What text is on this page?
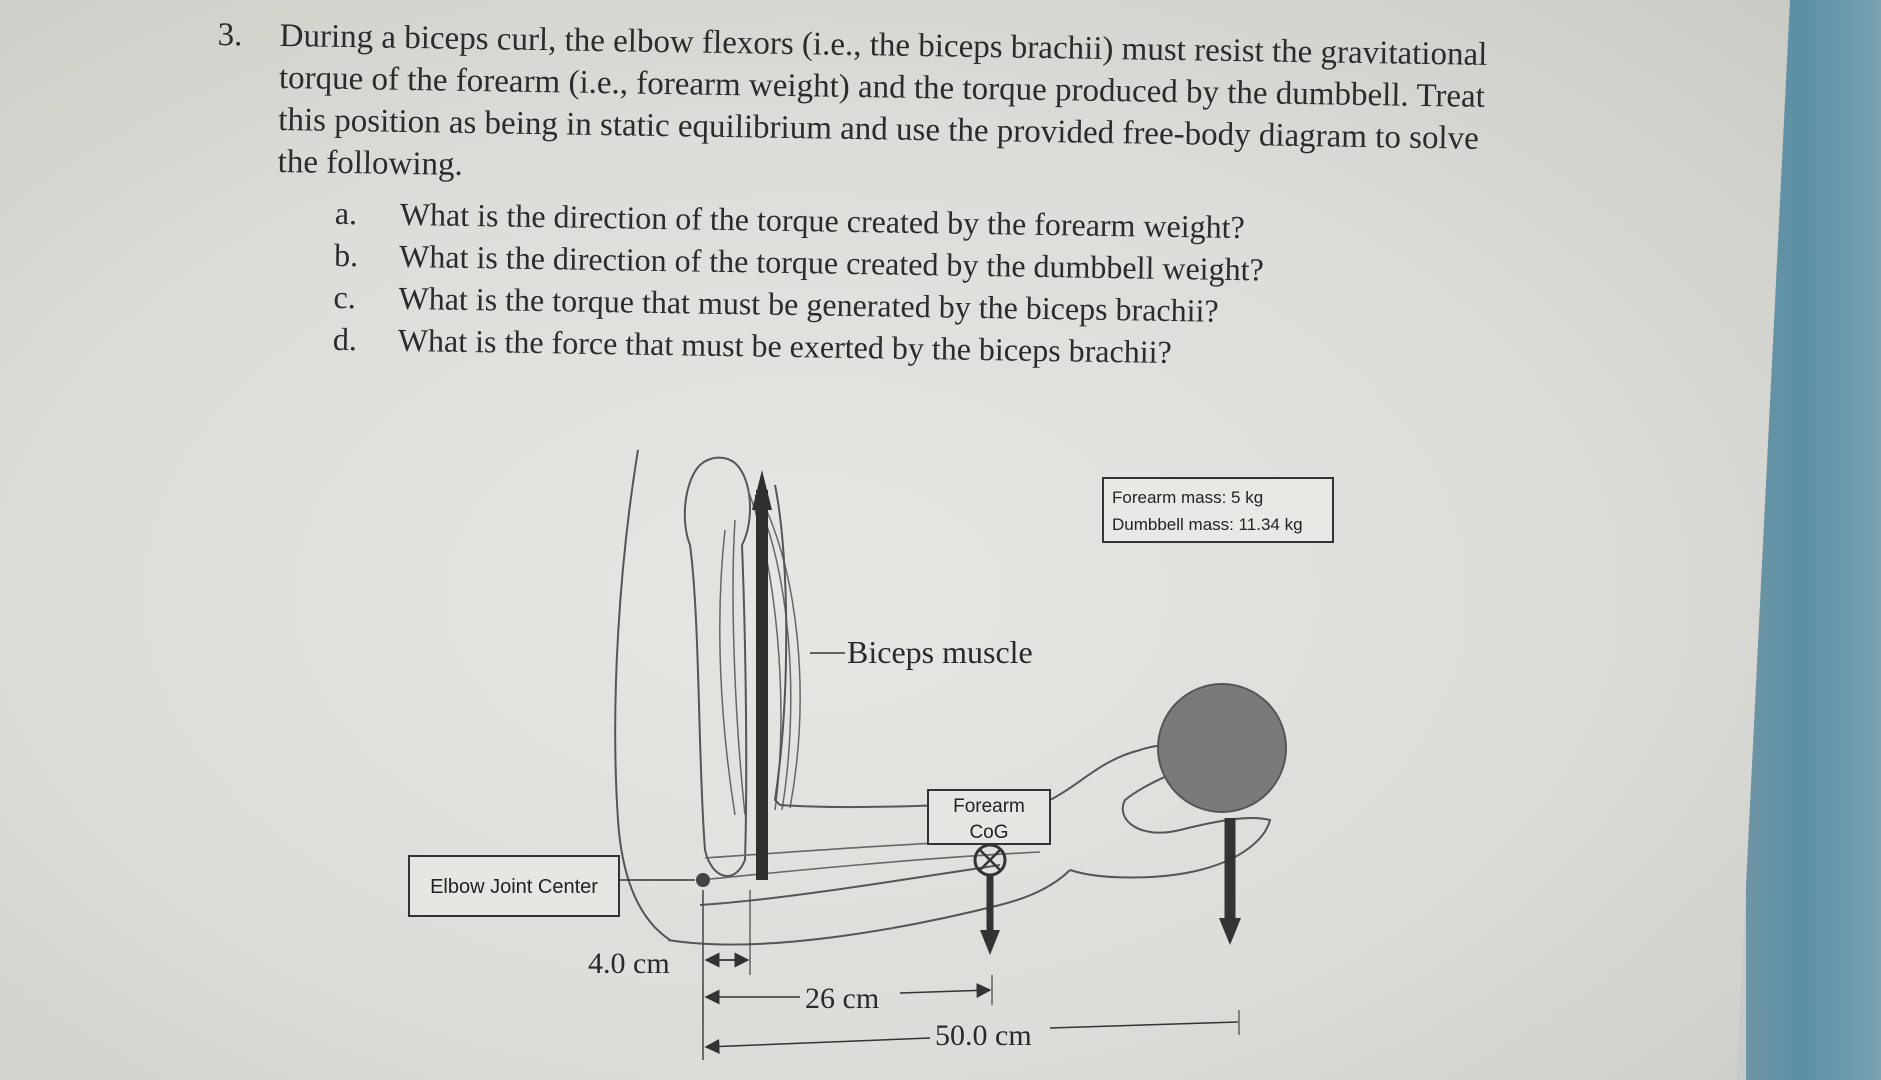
3. During a biceps curl, the elbow flexors (i.e., the biceps brachii) must resist the gravitational torque of the forearm (i.e., forearm weight) and the torque produced by the dumbbell. Treat this position as being in static equilibrium and use the provided free-body diagram to solve the following.
a. What is the direction of the torque created by the forearm weight?
b. What is the direction of the torque created by the dumbbell weight?
c. What is the torque that must be generated by the biceps brachii?
d. What is the force that must be exerted by the biceps brachii?
Biceps muscle
Forearm
CoG
Forearm mass: 5 kg
Dumbbell mass: 11.34 kg
Elbow Joint Center
4.0 cm
26 cm
50.0 cm
